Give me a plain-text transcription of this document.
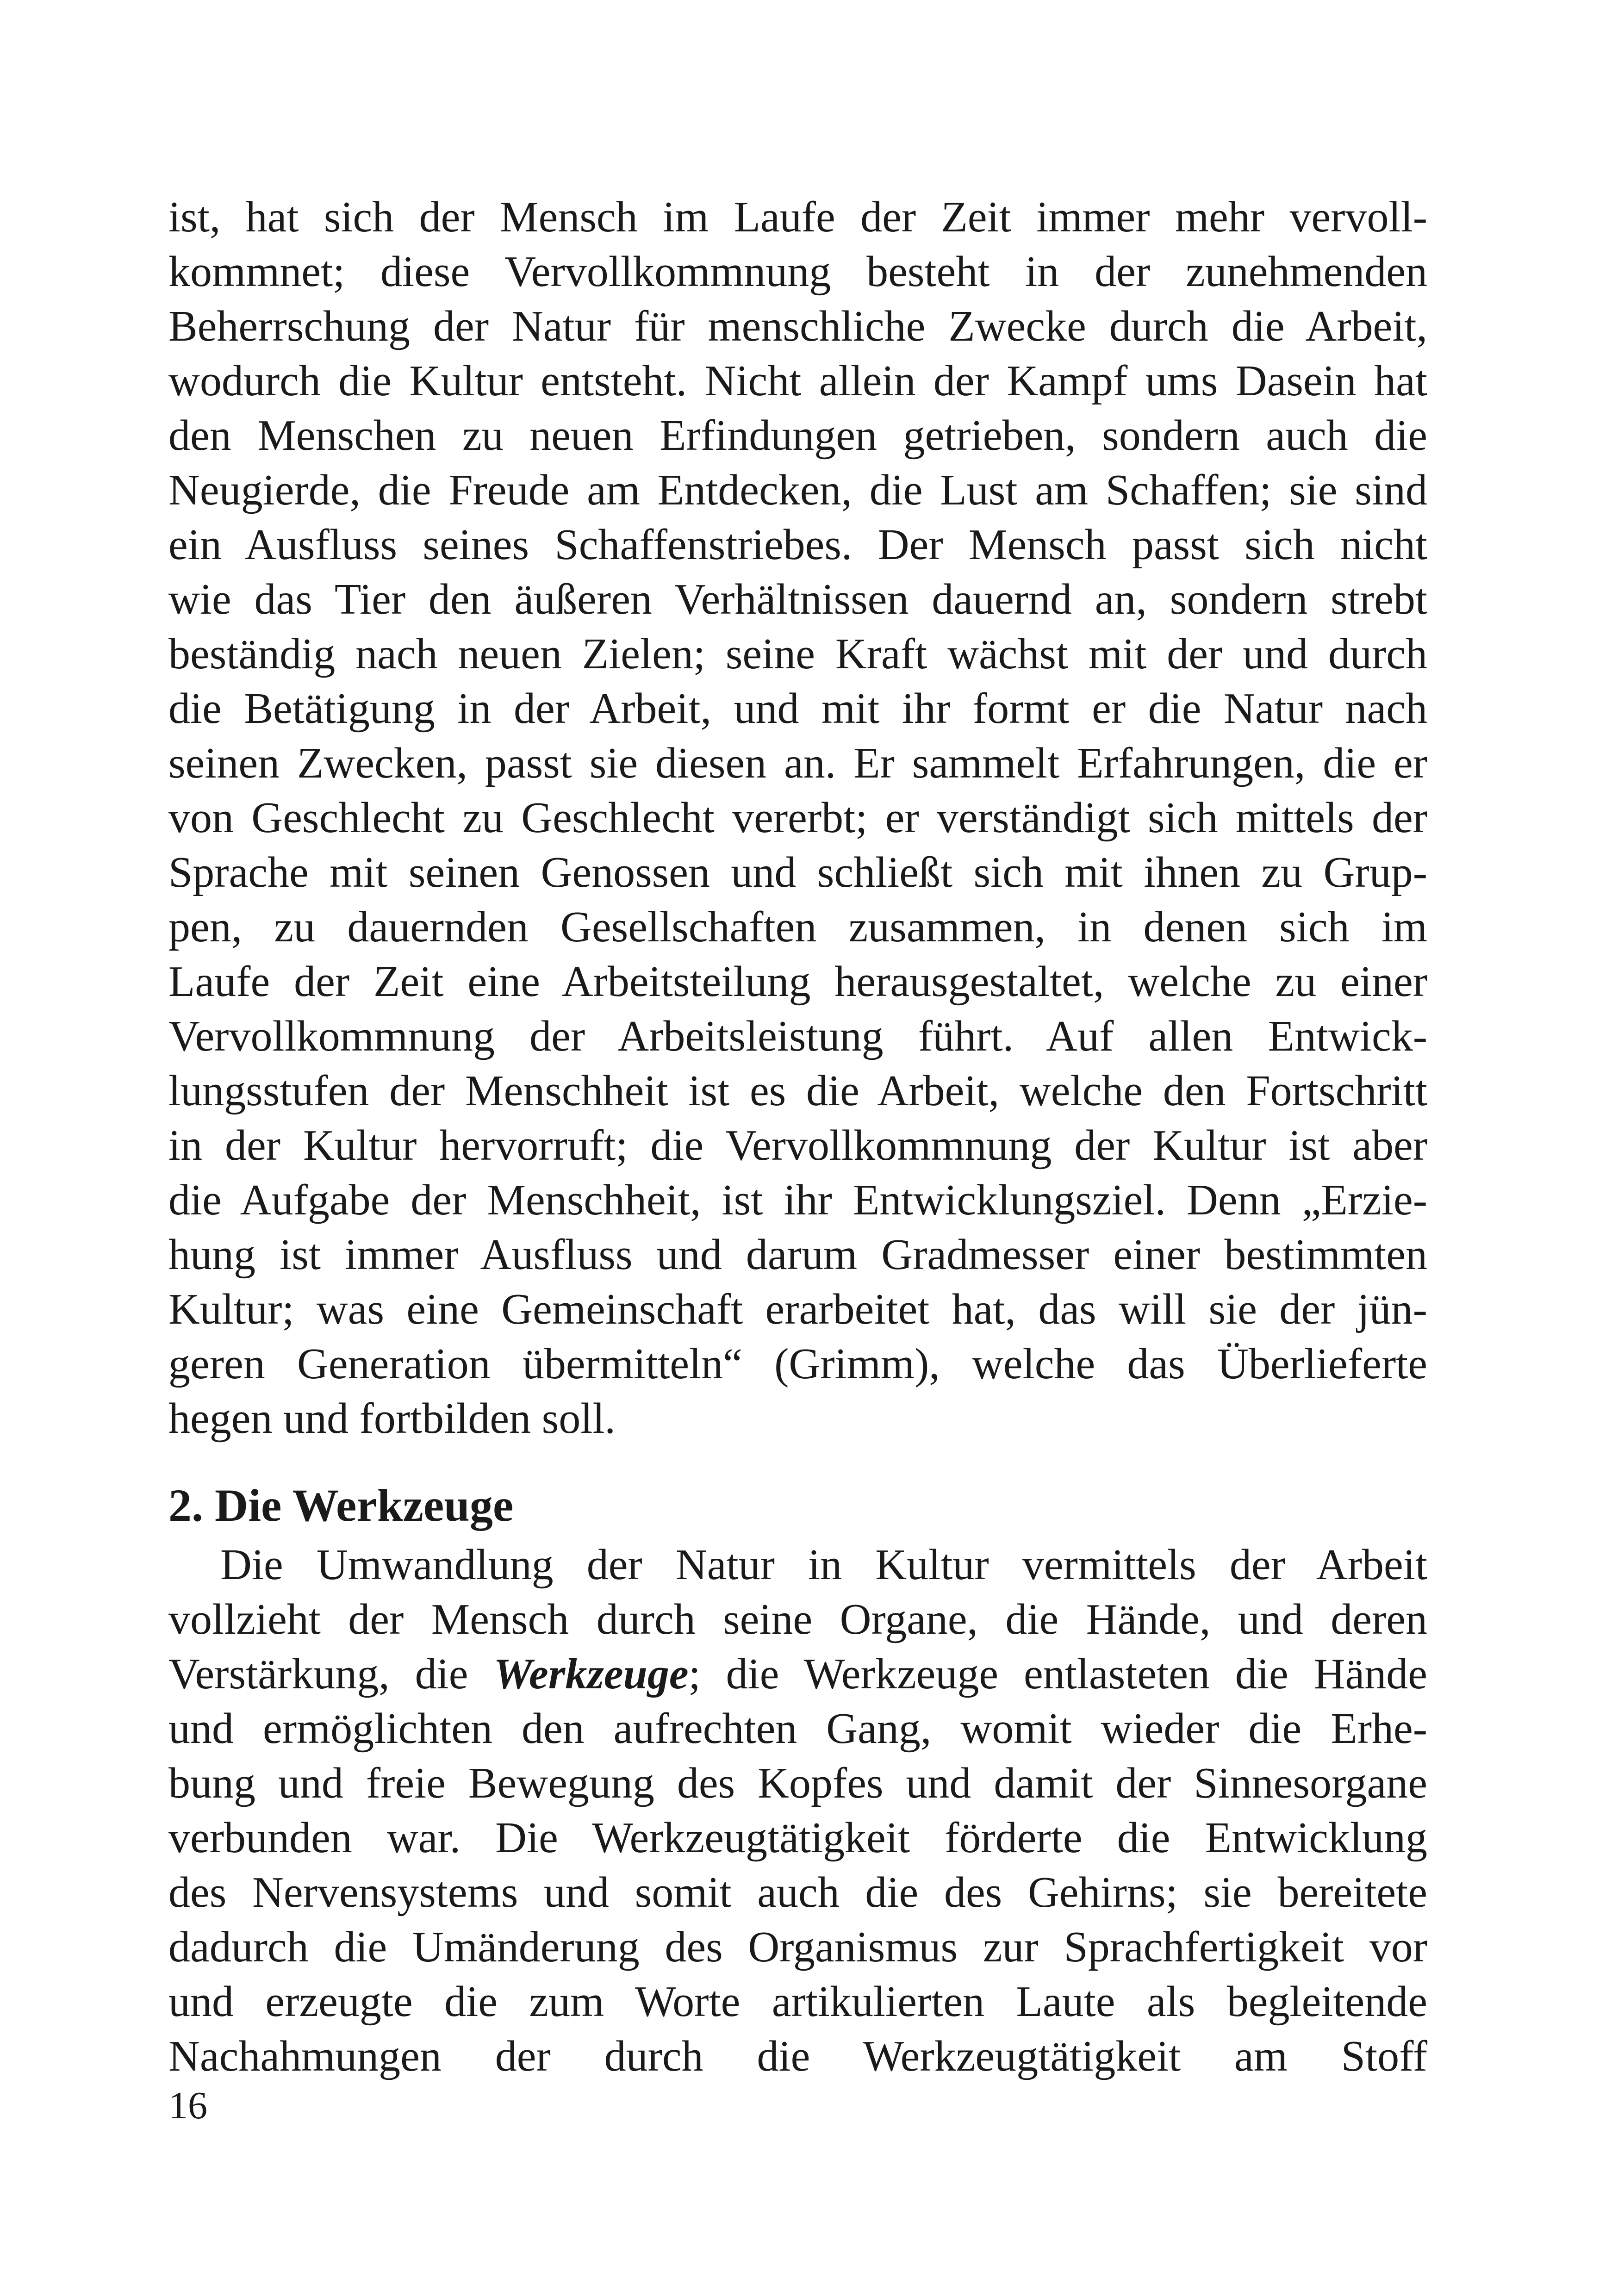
ist, hat sich der Mensch im Laufe der Zeit immer mehr vervoll-
kommnet; diese Vervollkommnung besteht in der zunehmenden
Beherrschung der Natur für menschliche Zwecke durch die Arbeit,
wodurch die Kultur entsteht. Nicht allein der Kampf ums Dasein hat
den Menschen zu neuen Erfindungen getrieben, sondern auch die
Neugierde, die Freude am Entdecken, die Lust am Schaffen; sie sind
ein Ausfluss seines Schaffenstriebes. Der Mensch passt sich nicht
wie das Tier den äußeren Verhältnissen dauernd an, sondern strebt
beständig nach neuen Zielen; seine Kraft wächst mit der und durch
die Betätigung in der Arbeit, und mit ihr formt er die Natur nach
seinen Zwecken, passt sie diesen an. Er sammelt Erfahrungen, die er
von Geschlecht zu Geschlecht vererbt; er verständigt sich mittels der
Sprache mit seinen Genossen und schließt sich mit ihnen zu Grup-
pen, zu dauernden Gesellschaften zusammen, in denen sich im
Laufe der Zeit eine Arbeitsteilung herausgestaltet, welche zu einer
Vervollkommnung der Arbeitsleistung führt. Auf allen Entwick-
lungsstufen der Menschheit ist es die Arbeit, welche den Fortschritt
in der Kultur hervorruft; die Vervollkommnung der Kultur ist aber
die Aufgabe der Menschheit, ist ihr Entwicklungsziel. Denn „Erzie-
hung ist immer Ausfluss und darum Gradmesser einer bestimmten
Kultur; was eine Gemeinschaft erarbeitet hat, das will sie der jün-
geren Generation übermitteln“ (Grimm), welche das Überlieferte
hegen und fortbilden soll.
2. Die Werkzeuge
Die Umwandlung der Natur in Kultur vermittels der Arbeit
vollzieht der Mensch durch seine Organe, die Hände, und deren
Verstärkung, die Werkzeuge; die Werkzeuge entlasteten die Hände
und ermöglichten den aufrechten Gang, womit wieder die Erhe-
bung und freie Bewegung des Kopfes und damit der Sinnesorgane
verbunden war. Die Werkzeugtätigkeit förderte die Entwicklung
des Nervensystems und somit auch die des Gehirns; sie bereitete
dadurch die Umänderung des Organismus zur Sprachfertigkeit vor
und erzeugte die zum Worte artikulierten Laute als begleitende
Nachahmungen der durch die Werkzeugtätigkeit am Stoff
16
